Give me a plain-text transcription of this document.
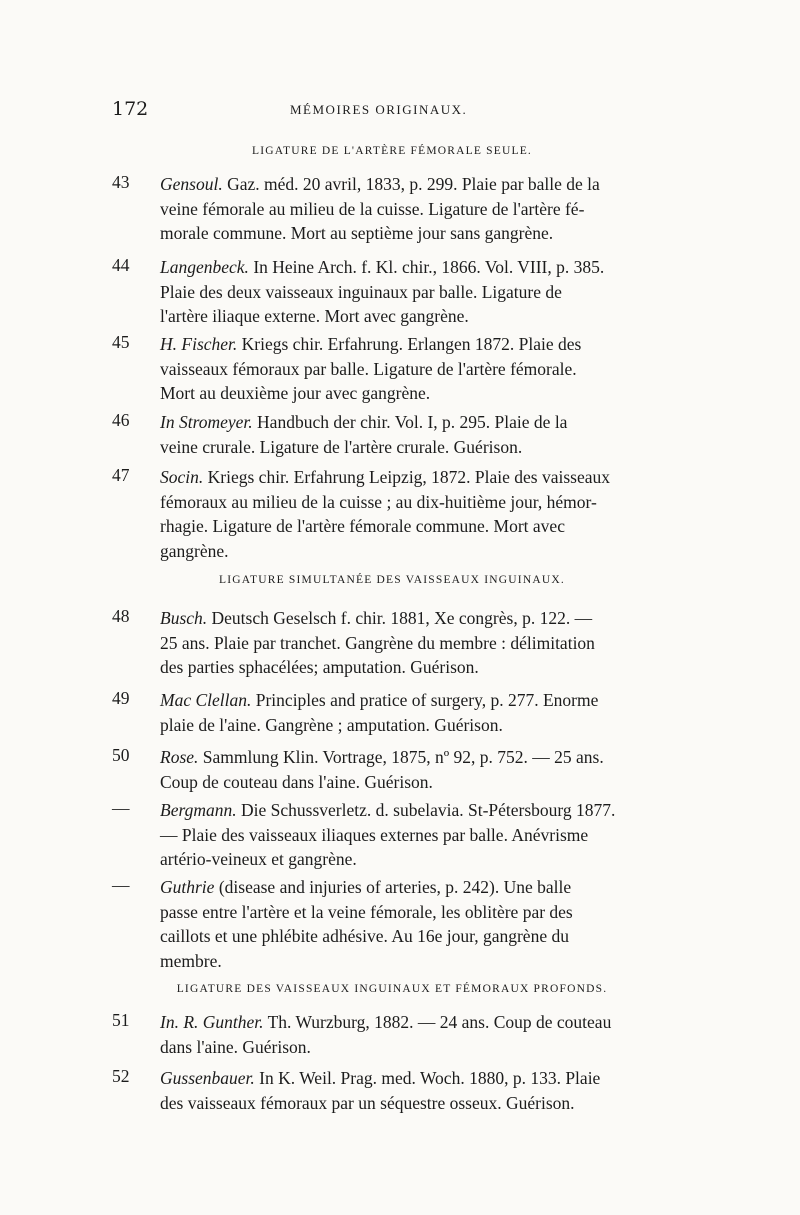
172	MÉMOIRES ORIGINAUX.
LIGATURE DE L'ARTÈRE FÉMORALE SEULE.
43	Gensoul. Gaz. méd. 20 avril, 1833, p. 299. Plaie par balle de la
veine fémorale au milieu de la cuisse. Ligature de l'artère fé-
morale commune. Mort au septième jour sans gangrène.
44	Langenbeck. In Heine Arch. f. Kl. chir., 1866. Vol. VIII, p. 385.
Plaie des deux vaisseaux inguinaux par balle. Ligature de
l'artère iliaque externe. Mort avec gangrène.
45	H. Fischer. Kriegs chir. Erfahrung. Erlangen 1872. Plaie des
vaisseaux fémoraux par balle. Ligature de l'artère fémorale.
Mort au deuxième jour avec gangrène.
46	In Stromeyer. Handbuch der chir. Vol. I, p. 295. Plaie de la
veine crurale. Ligature de l'artère crurale. Guérison.
47	Socin. Kriegs chir. Erfahrung Leipzig, 1872. Plaie des vaisseaux
fémoraux au milieu de la cuisse ; au dix-huitième jour, hémor-
rhagie. Ligature de l'artère fémorale commune. Mort avec
gangrène.
LIGATURE SIMULTANÉE DES VAISSEAUX INGUINAUX.
48	Busch. Deutsch Geselsch f. chir. 1881, Xe congrès, p. 122. —
25 ans. Plaie par tranchet. Gangrène du membre : délimitation
des parties sphacélées; amputation. Guérison.
49	Mac Clellan. Principles and pratice of surgery, p. 277. Enorme
plaie de l'aine. Gangrène ; amputation. Guérison.
50	Rose. Sammlung Klin. Vortrage, 1875, nº 92, p. 752. — 25 ans.
Coup de couteau dans l'aine. Guérison.
—	Bergmann. Die Schussverletz. d. subelavia. St-Pétersbourg 1877.
— Plaie des vaisseaux iliaques externes par balle. Anévrisme
artério-veineux et gangrène.
—	Guthrie (disease and injuries of arteries, p. 242). Une balle
passe entre l'artère et la veine fémorale, les oblitère par des
caillots et une phlébite adhésive. Au 16e jour, gangrène du
membre.
LIGATURE DES VAISSEAUX INGUINAUX ET FÉMORAUX PROFONDS.
51	In. R. Gunther. Th. Wurzburg, 1882. — 24 ans. Coup de couteau
dans l'aine. Guérison.
52	Gussenbauer. In K. Weil. Prag. med. Woch. 1880, p. 133. Plaie
des vaisseaux fémoraux par un séquestre osseux. Guérison.
